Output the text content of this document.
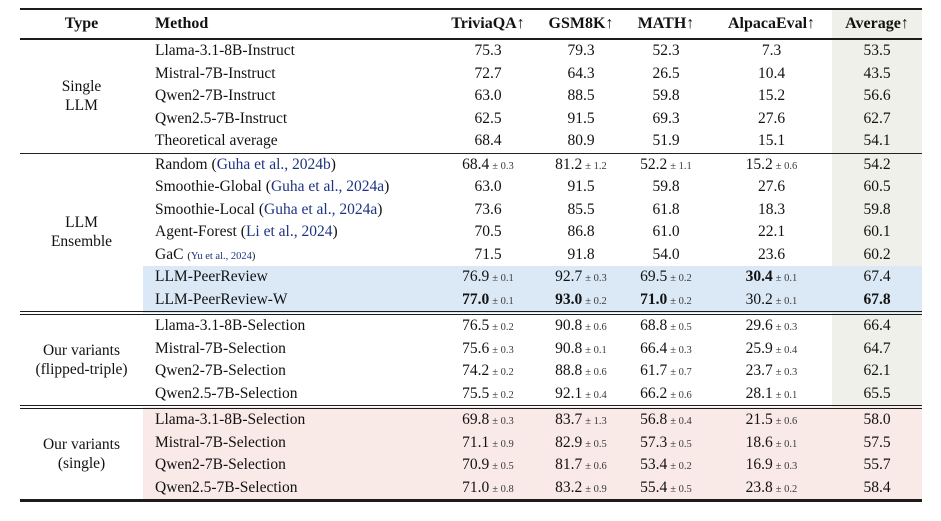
Type	Method	TriviaQA↑	GSM8K↑	MATH↑	AlpacaEval↑	Average↑

Single
LLM	Llama-3.1-8B-Instruct	75.3	79.3	52.3	7.3	53.5
	Mistral-7B-Instruct	72.7	64.3	26.5	10.4	43.5
	Qwen2-7B-Instruct	63.0	88.5	59.8	15.2	56.6
	Qwen2.5-7B-Instruct	62.5	91.5	69.3	27.6	62.7
	Theoretical average	68.4	80.9	51.9	15.1	54.1

LLM
Ensemble	Random (Guha et al., 2024b)	68.4 ± 0.3	81.2 ± 1.2	52.2 ± 1.1	15.2 ± 0.6	54.2
	Smoothie-Global (Guha et al., 2024a)	63.0	91.5	59.8	27.6	60.5
	Smoothie-Local (Guha et al., 2024a)	73.6	85.5	61.8	18.3	59.8
	Agent-Forest (Li et al., 2024)	70.5	86.8	61.0	22.1	60.1
	GaC (Yu et al., 2024)	71.5	91.8	54.0	23.6	60.2
	LLM-PeerReview	76.9 ± 0.1	92.7 ± 0.3	69.5 ± 0.2	30.4 ± 0.1	67.4
	LLM-PeerReview-W	77.0 ± 0.1	93.0 ± 0.2	71.0 ± 0.2	30.2 ± 0.1	67.8

Our variants
(flipped-triple)	Llama-3.1-8B-Selection	76.5 ± 0.2	90.8 ± 0.6	68.8 ± 0.5	29.6 ± 0.3	66.4
	Mistral-7B-Selection	75.6 ± 0.3	90.8 ± 0.1	66.4 ± 0.3	25.9 ± 0.4	64.7
	Qwen2-7B-Selection	74.2 ± 0.2	88.8 ± 0.6	61.7 ± 0.7	23.7 ± 0.3	62.1
	Qwen2.5-7B-Selection	75.5 ± 0.2	92.1 ± 0.4	66.2 ± 0.6	28.1 ± 0.1	65.5

Our variants
(single)	Llama-3.1-8B-Selection	69.8 ± 0.3	83.7 ± 1.3	56.8 ± 0.4	21.5 ± 0.6	58.0
	Mistral-7B-Selection	71.1 ± 0.9	82.9 ± 0.5	57.3 ± 0.5	18.6 ± 0.1	57.5
	Qwen2-7B-Selection	70.9 ± 0.5	81.7 ± 0.6	53.4 ± 0.2	16.9 ± 0.3	55.7
	Qwen2.5-7B-Selection	71.0 ± 0.8	83.2 ± 0.9	55.4 ± 0.5	23.8 ± 0.2	58.4
